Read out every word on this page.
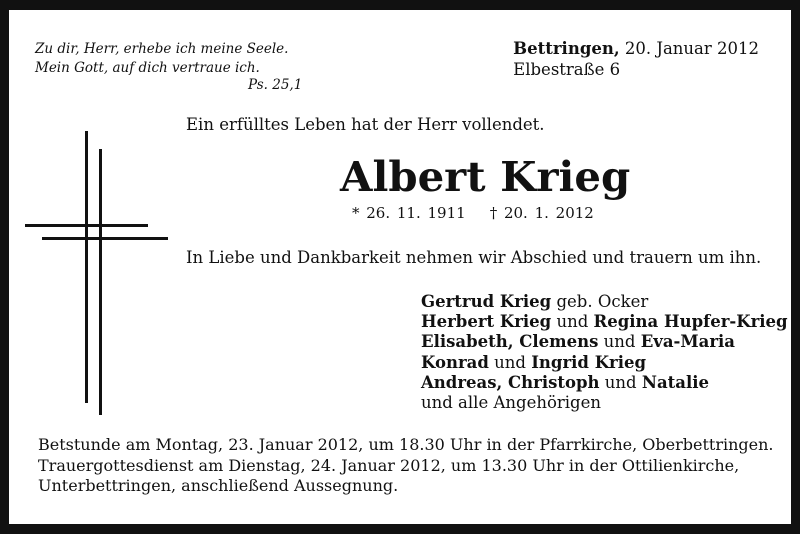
Zu dir, Herr, erhebe ich meine Seele.
Mein Gott, auf dich vertraue ich.
Ps. 25,1
Bettringen, 20. Januar 2012
Elbestraße 6
Ein erfülltes Leben hat der Herr vollendet.
Albert Krieg
* 26. 11. 1911 † 20. 1. 2012
In Liebe und Dankbarkeit nehmen wir Abschied und trauern um ihn.
Gertrud Krieg geb. Ocker
Herbert Krieg und Regina Hupfer-Krieg
Elisabeth, Clemens und Eva-Maria
Konrad und Ingrid Krieg
Andreas, Christoph und Natalie
und alle Angehörigen
Betstunde am Montag, 23. Januar 2012, um 18.30 Uhr in der Pfarrkirche, Oberbettringen.
Trauergottesdienst am Dienstag, 24. Januar 2012, um 13.30 Uhr in der Ottilienkirche,
Unterbettringen, anschließend Aussegnung.
